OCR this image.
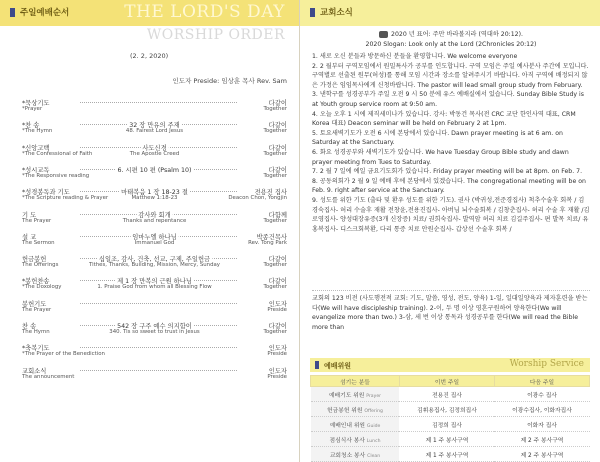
주일예배순서	THE LORD'S DAY
WORSHIP ORDER
(2. 2, 2020)
인도자 Preside: 임상훈 목사 Rev. Sam
*묵상기도	다같이
*Prayer	Together
*찬 송	32 장 만유의 주재	다같이
*The Hymn	48. Fairest Lord Jesus	Together
*신앙고백	사도신경	다같이
*The Confessional of Faith	The Apostle Creed	Together
*성시교독	6. 시편 10 편 (Psalm 10)	다같이
*The Responsive reading	Together
*성경봉독과 기도	마태복음 1 장 18-23 절	전용진 집사
*The Scripture reading & Prayer	Matthew 1:18-23	Deacon Chon, Yongjin
기 도	감사와 회개	다함께
The Prayer	Thanks and repentance	Together
설 교	임마누엘 하나님	박종건목사
The Sermon	Immanuel God	Rev. Tong Park
헌금봉헌	십일조, 감사, 건축, 선교, 구제, 주일헌금	다같이
The Offerings	Tithes, Thanks, Building, Mission, Mercy, Sunday	Together
*봉헌찬송	제 1 장 만복의 근원 하나님	다같이
*The Doxology	1. Praise God from whom all Blessing Flow	Together
봉헌기도	인도자
The Prayer	Preside
찬 송	542 장 구주 예수 의지함이	다같이
The Hymn	340. Tis so sweet to trust in Jesus	Together
*축복기도	인도자
*The Prayer of the Benediction	Preside
교회소식	인도자
The announcement	Preside
교회소식
2020 년 표어: 주만 바라볼지라 (역대하 20:12).
2020 Slogan: Look only at the Lord (2Chronicles 20:12)
1. 새로 오신 분들과 방문하신 분들을 환영합니다. We welcome everyone
2. 2 월부터 구역모임에서 원밀특사가 공부를 인도합니다. 구역 모임은 주일 예사분사 주간에 모입니다. 구역별로 선출된 원무(허성)를 통해 모임 시간과 장소를 알려주시기 바랍니다. 아직 구역에 배정되지 않은 가정은 임임목사에게 신청바랍니다. The pastor will lead small group study from February.
3. 낸학구를 성경공부가 주일 오전 9 시 50 분에 유스 예배실에서 있습니다. Sunday Bible Study is at Youth group service room at 9:50 am.
4. 오늘 오후 1 시에 제직세미나가 있습니다. 강사: 박동건 목사(전 CRC 교단 한인사역 대표, CRM Korea 대표) Deacon seminar will be held on February 2 at 1pm.
5. 토요새벽기도가 오전 6 시에 본당에서 있습니다. Dawn prayer meeting is at 6 am. on Saturday at the Sanctuary.
6. 화요 성경공부와 새벽기도가 있습니다. We have Tuesday Group Bible study and dawn prayer meeting from Tues to Saturday.
7. 2 월 7 일에 예일 금요기도회가 있습니다. Friday prayer meeting will be at 8pm. on Feb. 7.
8. 공동의회가 2 월 9 일 예배 후에 본당에서 있겠습니다. The congregational meeting will be on Feb. 9. right after service at the Sanctuary.
9. 성도를 위한 기도 (출타 및 환우 성도를 위한 기도). 권사 (박귀성,전준경집사) 척추수술후 회복 / 김경숙집사- 허리 수술후 재활 전창윤,전용진집사- 아버님 뇌수술회복 / 김창춘집사- 허리 수술 후 재활 /김로영집사- 양성대장유증(3개 신장증) 치료/ 권희숙집사- 발역암 허리 치료 김길주집사- 편 발목 치료/ 유홍복집사- 디스크회복환, 다리 통증 치료 안원순집사- 갑상선 수술후 회복 /
교회의 123 비전 (사도행전적 교회: 기도, 말씀, 영성, 전도, 양육) 1-일, 일대일양육과 제자훈련을 받는다(We will have discipleship training). 2-이, 두 명 이상 영혼구원하여 양육한다(We will evangelize more than two.) 3-삼, 세 번 이상 통독과 성경공부를 한다(We will read the Bible more than
예배위원	Worship Service
섬기는 분들	이번 주일	다음 주일
예배기도 위원 Prayer	전용진 집사	이광수 집사
헌금봉헌 위원 Offering	김휘용집사, 김정희집사	이광수집사, 이화자집사
예배인내 위원 Guide	김정희 집사	이화자 집사
점심식사 봉사 Lunch	제 1 주 봉사구역	제 2 주 봉사구역
교회청소 봉사 Clean	제 1 주 봉사구역	제 2 주 봉사구역
